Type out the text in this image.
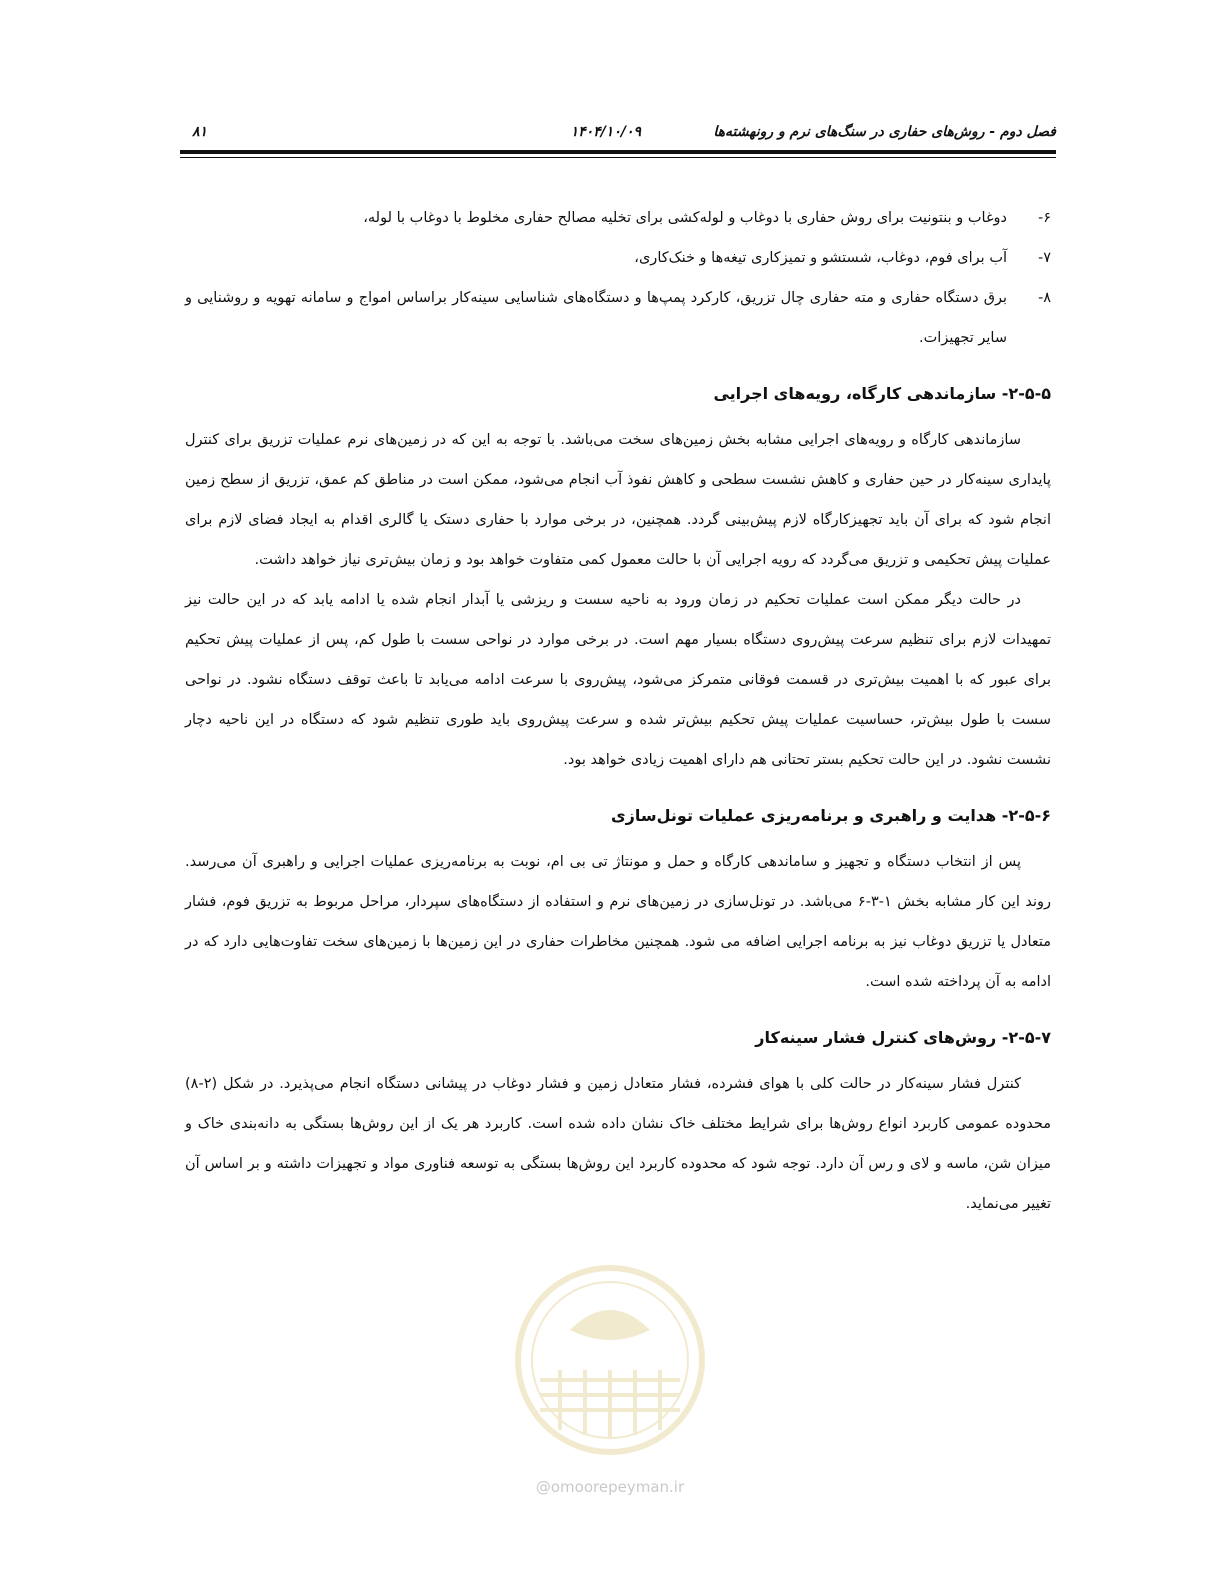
فصل دوم - روش‌های حفاری در سنگ‌های نرم و رونهشته‌ها
۱۴۰۴/۱۰/۰۹
۸۱
۶-
دوغاب و بنتونیت برای روش حفاری با دوغاب و لوله‌کشی برای تخلیه مصالح حفاری مخلوط با دوغاب با لوله،
۷-
آب برای فوم، دوغاب، شستشو و تمیزکاری تیغه‌ها و خنک‌کاری،
۸-
برق دستگاه حفاری و مته حفاری چال تزریق، کارکرد پمپ‌ها و دستگاه‌های شناسایی سینه‌کار براساس امواج و سامانه تهویه و روشنایی و سایر تجهیزات.
۲-۵-۵- سازماندهی کارگاه، رویه‌های اجرایی

سازماندهی کارگاه و رویه‌های اجرایی مشابه بخش زمین‌های سخت می‌باشد. با توجه به این که در زمین‌های نرم عملیات تزریق برای کنترل پایداری سینه‌کار در حین حفاری و کاهش نشست سطحی و کاهش نفوذ آب انجام می‌شود، ممکن است در مناطق کم عمق، تزریق از سطح زمین انجام شود که برای آن باید تجهیزکارگاه لازم پیش‌بینی گردد. همچنین، در برخی موارد با حفاری دستک یا گالری اقدام به ایجاد فضای لازم برای عملیات پیش تحکیمی و تزریق می‌گردد که رویه اجرایی آن با حالت معمول کمی متفاوت خواهد بود و زمان بیش‌تری نیاز خواهد داشت.

در حالت دیگر ممکن است عملیات تحکیم در زمان ورود به ناحیه سست و ریزشی یا آبدار انجام شده یا ادامه یابد که در این حالت نیز تمهیدات لازم برای تنظیم سرعت پیش‌روی دستگاه بسیار مهم است. در برخی موارد در نواحی سست با طول کم، پس از عملیات پیش تحکیم برای عبور که با اهمیت بیش‌تری در قسمت فوقانی متمرکز می‌شود، پیش‌روی با سرعت ادامه می‌یابد تا باعث توقف دستگاه نشود. در نواحی سست با طول بیش‌تر، حساسیت عملیات پیش تحکیم بیش‌تر شده و سرعت پیش‌روی باید طوری تنظیم شود که دستگاه در این ناحیه دچار نشست نشود. در این حالت تحکیم بستر تحتانی هم دارای اهمیت زیادی خواهد بود.

۲-۵-۶- هدایت و راهبری و برنامه‌ریزی عملیات تونل‌سازی

پس از انتخاب دستگاه و تجهیز و ساماندهی کارگاه و حمل و مونتاژ تی بی ام، نوبت به برنامه‌ریزی عملیات اجرایی و راهبری آن می‌رسد. روند این کار مشابه بخش ۱-۳-۶ می‌باشد. در تونل‌سازی در زمین‌های نرم و استفاده از دستگاه‌های سپردار، مراحل مربوط به تزریق فوم، فشار متعادل یا تزریق دوغاب نیز به برنامه اجرایی اضافه می شود. همچنین مخاطرات حفاری در این زمین‌ها با زمین‌های سخت تفاوت‌هایی دارد که در ادامه به آن پرداخته شده است.

۲-۵-۷- روش‌های کنترل فشار سینه‌کار

کنترل فشار سینه‌کار در حالت کلی با هوای فشرده، فشار متعادل زمین و فشار دوغاب در پیشانی دستگاه انجام می‌پذیرد. در شکل (۲-۸) محدوده عمومی کاربرد انواع روش‌ها برای شرایط مختلف خاک نشان داده شده است. کاربرد هر یک از این روش‌ها بستگی به دانه‌بندی خاک و میزان شن، ماسه و لای و رس آن دارد. توجه شود که محدوده کاربرد این روش‌ها بستگی به توسعه فناوری مواد و تجهیزات داشته و بر اساس آن تغییر می‌نماید.

@omoorepeyman.ir
